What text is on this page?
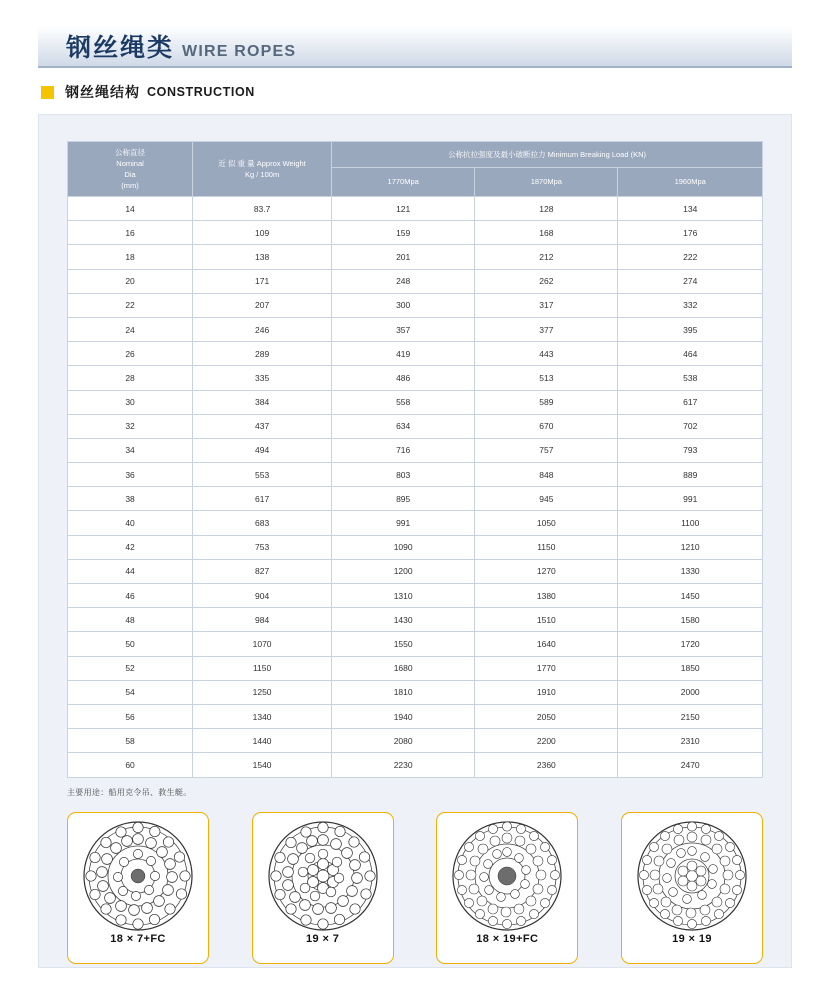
钢丝绳类 WIRE ROPES
钢丝绳结构 CONSTRUCTION
公称直径
Nominal
Dia
(mm)

近 似 重 量 Approx Weight
Kg / 100m
	公称抗拉强度及最小破断拉力 Minimum Breaking Load (KN)
		1770Mpa	1870Mpa	1960Mpa
14	83.7	121	128	134
16	109	159	168	176
18	138	201	212	222
20	171	248	262	274
22	207	300	317	332
24	246	357	377	395
26	289	419	443	464
28	335	486	513	538
30	384	558	589	617
32	437	634	670	702
34	494	716	757	793
36	553	803	848	889
38	617	895	945	991
40	683	991	1050	1100
42	753	1090	1150	1210
44	827	1200	1270	1330
46	904	1310	1380	1450
48	984	1430	1510	1580
50	1070	1550	1640	1720
52	1150	1680	1770	1850
54	1250	1810	1910	2000
56	1340	1940	2050	2150
58	1440	2080	2200	2310
60	1540	2230	2360	2470
主要用途：船用克令吊、救生艇。
18 × 7+FC	19 × 7	18 × 19+FC	19 × 19
